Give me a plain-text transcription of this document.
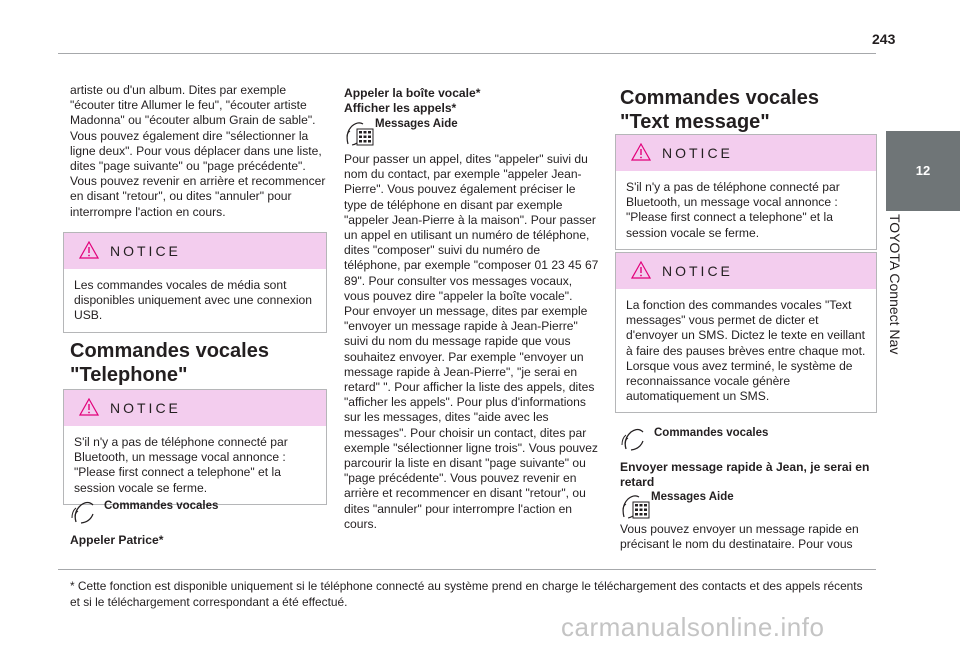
243
12
TOYOTA Connect Nav
artiste ou d'un album. Dites par exemple "écouter titre Allumer le feu", "écouter artiste Madonna" ou "écouter album Grain de sable". Vous pouvez également dire "sélectionner la ligne deux". Pour vous déplacer dans une liste, dites "page suivante" ou "page précédente". Vous pouvez revenir en arrière et recommencer en disant "retour", ou dites "annuler" pour interrompre l'action en cours.
NOTICE
Les commandes vocales de média sont disponibles uniquement avec une connexion USB.
Commandes vocales "Telephone"
NOTICE
S'il n'y a pas de téléphone connecté par Bluetooth, un message vocal annonce : "Please first connect a telephone" et la session vocale se ferme.
Commandes vocales
Appeler Patrice*
Appeler la boîte vocale*
Afficher les appels*
Messages Aide
Pour passer un appel, dites "appeler" suivi du nom du contact, par exemple "appeler Jean-Pierre". Vous pouvez également préciser le type de téléphone en disant par exemple "appeler Jean-Pierre à la maison". Pour passer un appel en utilisant un numéro de téléphone, dites "composer" suivi du numéro de téléphone, par exemple "composer 01 23 45 67 89". Pour consulter vos messages vocaux, vous pouvez dire "appeler la boîte vocale". Pour envoyer un message, dites par exemple "envoyer un message rapide à Jean-Pierre" suivi du nom du message rapide que vous souhaitez envoyer. Par exemple "envoyer un message rapide à Jean-Pierre", "je serai en retard" ". Pour afficher la liste des appels, dites "afficher les appels". Pour plus d'informations sur les messages, dites "aide avec les messages". Pour choisir un contact, dites par exemple "sélectionner ligne trois". Vous pouvez parcourir la liste en disant "page suivante" ou "page précédente". Vous pouvez revenir en arrière et recommencer en disant "retour", ou dites "annuler" pour interrompre l'action en cours.
Commandes vocales "Text message"
NOTICE
S'il n'y a pas de téléphone connecté par Bluetooth, un message vocal annonce : "Please first connect a telephone" et la session vocale se ferme.
NOTICE
La fonction des commandes vocales "Text messages" vous permet de dicter et d'envoyer un SMS. Dictez le texte en veillant à faire des pauses brèves entre chaque mot. Lorsque vous avez terminé, le système de reconnaissance vocale génère automatiquement un SMS.
Commandes vocales
Envoyer message rapide à Jean, je serai en retard
Messages Aide
Vous pouvez envoyer un message rapide en précisant le nom du destinataire. Pour vous
* Cette fonction est disponible uniquement si le téléphone connecté au système prend en charge le téléchargement des contacts et des appels récents et si le téléchargement correspondant a été effectué.
carmanualsonline.info
